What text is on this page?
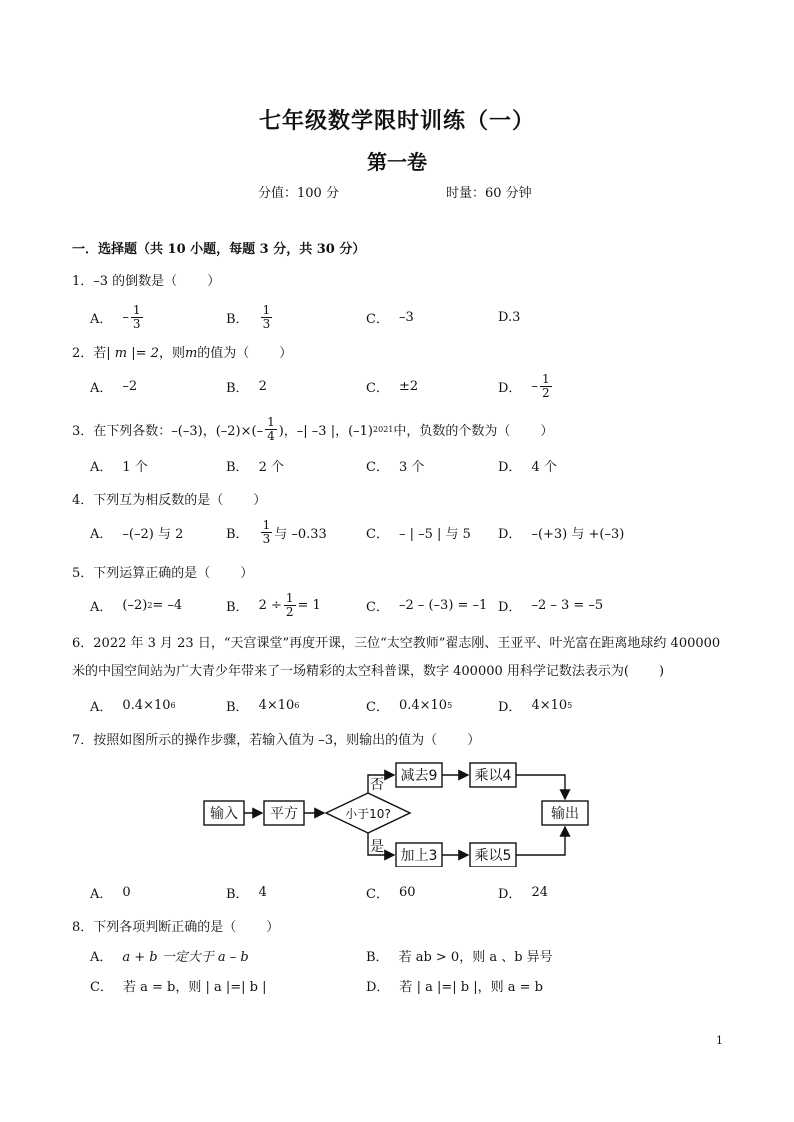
七年级数学限时训练（一）
第一卷
分值：100 分	时量：60 分钟
一．选择题（共 10 小题，每题 3 分，共 30 分）
1．–3 的倒数是（ ）
A． – $\frac{1}{3}$	B． $\frac{1}{3}$	C． –3	D.3
2．若| m |= 2，则m的值为（ ）
A． –2	B． 2	C． ±2	D． – $\frac{1}{2}$
3．在下列各数： –(–3)，$(-2)\times(- \frac{1}{4}$ )，–| –3 |，(–1) 2021 中，负数的个数为（ ）
A． 1 个	B． 2 个	C． 3 个	D． 4 个
4．下列互为相反数的是（ ）
A． –(–2) 与 2	B． $\frac{1}{3}$ 与 –0.33	C． – | –5 | 与 5 D． –(+3) 与 +(–3)
5．下列运算正确的是（ ）
A． (–2) 2 = –4	B． $2 \div \frac{1}{2} = 1$	C． –2 – (–3) = –1 D． –2 – 3 = –5
6．2022 年 3 月 23 日，“天宫课堂”再度开课，三位“太空教师”翟志刚、王亚平、叶光富在距离地球约 400000 米的中国空间站为广大青少年带来了一场精彩的太空科普课，数字 400000 用科学记数法表示为( )
A． 0.4×10 6	B． 4×10 6	C． 0.4×10 5	D． 4×10 5
7．按照如图所示的操作步骤，若输入值为 –3，则输出的值为（ ）
输入 平方	小于10?
减去9	乘以4
加上3	乘以5
输出
否
是
A． 0	B． 4	C． 60	D． 24
8．下列各项判断正确的是（ ）
A． a + b 一定大于 a – b	B． 若 ab > 0，则 a 、b 异号
C． 若 a = b，则 | a |=| b |	D． 若 | a |=| b |，则 a = b
1
